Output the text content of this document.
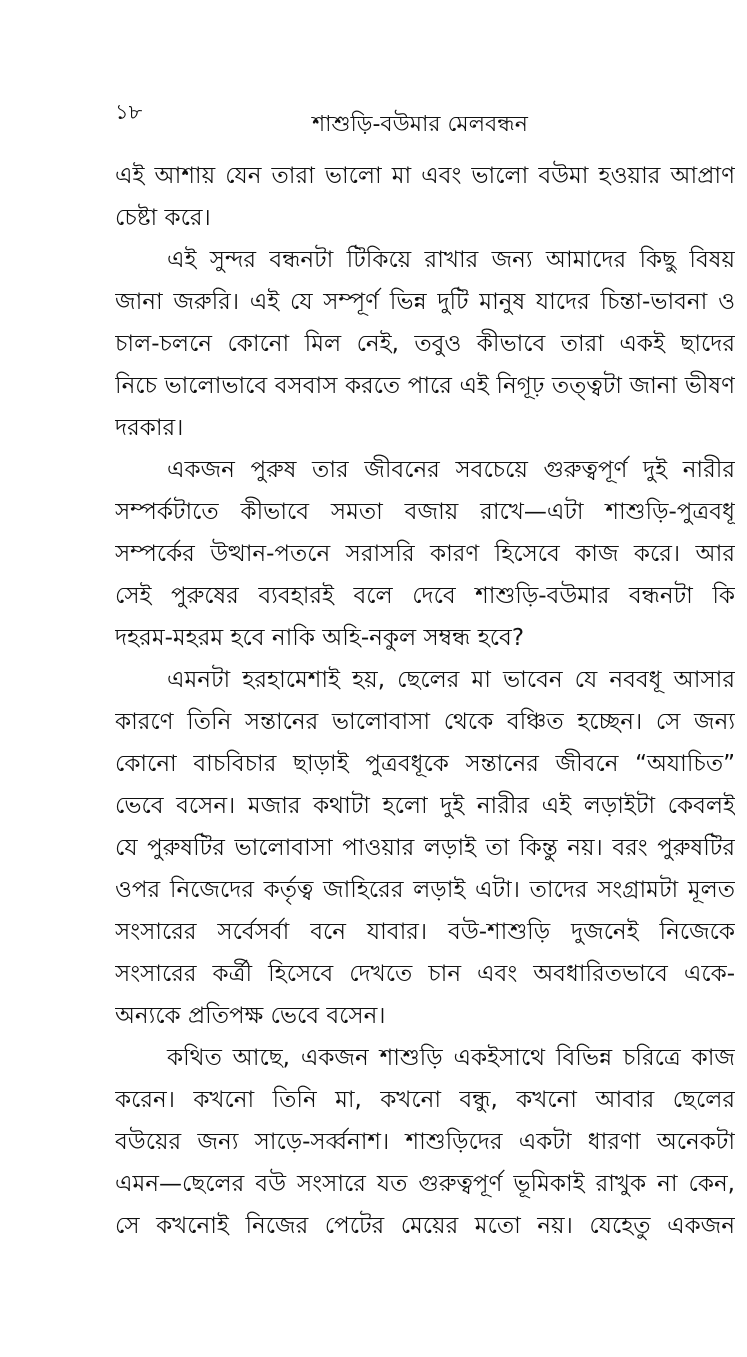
১৮	শাশুড়ি-বউমার মেলবন্ধন
এই আশায় যেন তারা ভালো মা এবং ভালো বউমা হওয়ার আপ্রাণ
চেষ্টা করে।
এই সুন্দর বন্ধনটা টিকিয়ে রাখার জন্য আমাদের কিছু বিষয়
জানা জরুরি। এই যে সম্পূর্ণ ভিন্ন দুটি মানুষ যাদের চিন্তা-ভাবনা ও
চাল-চলনে কোনো মিল নেই, তবুও কীভাবে তারা একই ছাদের
নিচে ভালোভাবে বসবাস করতে পারে এই নিগূঢ় তত্ত্বটা জানা ভীষণ
দরকার।
একজন পুরুষ তার জীবনের সবচেয়ে গুরুত্বপূর্ণ দুই নারীর
সম্পর্কটাতে কীভাবে সমতা বজায় রাখে—এটা শাশুড়ি-পুত্রবধূ
সম্পর্কের উত্থান-পতনে সরাসরি কারণ হিসেবে কাজ করে। আর
সেই পুরুষের ব্যবহারই বলে দেবে শাশুড়ি-বউমার বন্ধনটা কি
দহরম-মহরম হবে নাকি অহি-নকুল সম্বন্ধ হবে?
এমনটা হরহামেশাই হয়, ছেলের মা ভাবেন যে নববধূ আসার
কারণে তিনি সন্তানের ভালোবাসা থেকে বঞ্চিত হচ্ছেন। সে জন্য
কোনো বাচবিচার ছাড়াই পুত্রবধূকে সন্তানের জীবনে “অযাচিত”
ভেবে বসেন। মজার কথাটা হলো দুই নারীর এই লড়াইটা কেবলই
যে পুরুষটির ভালোবাসা পাওয়ার লড়াই তা কিন্তু নয়। বরং পুরুষটির
ওপর নিজেদের কর্তৃত্ব জাহিরের লড়াই এটা। তাদের সংগ্রামটা মূলত
সংসারের সর্বেসর্বা বনে যাবার। বউ-শাশুড়ি দুজনেই নিজেকে
সংসারের কর্ত্রী হিসেবে দেখতে চান এবং অবধারিতভাবে একে-
অন্যকে প্রতিপক্ষ ভেবে বসেন।
কথিত আছে, একজন শাশুড়ি একইসাথে বিভিন্ন চরিত্রে কাজ
করেন। কখনো তিনি মা, কখনো বন্ধু, কখনো আবার ছেলের
বউয়ের জন্য সাড়ে-সর্ব্বনাশ। শাশুড়িদের একটা ধারণা অনেকটা
এমন—ছেলের বউ সংসারে যত গুরুত্বপূর্ণ ভূমিকাই রাখুক না কেন,
সে কখনোই নিজের পেটের মেয়ের মতো নয়। যেহেতু একজন
